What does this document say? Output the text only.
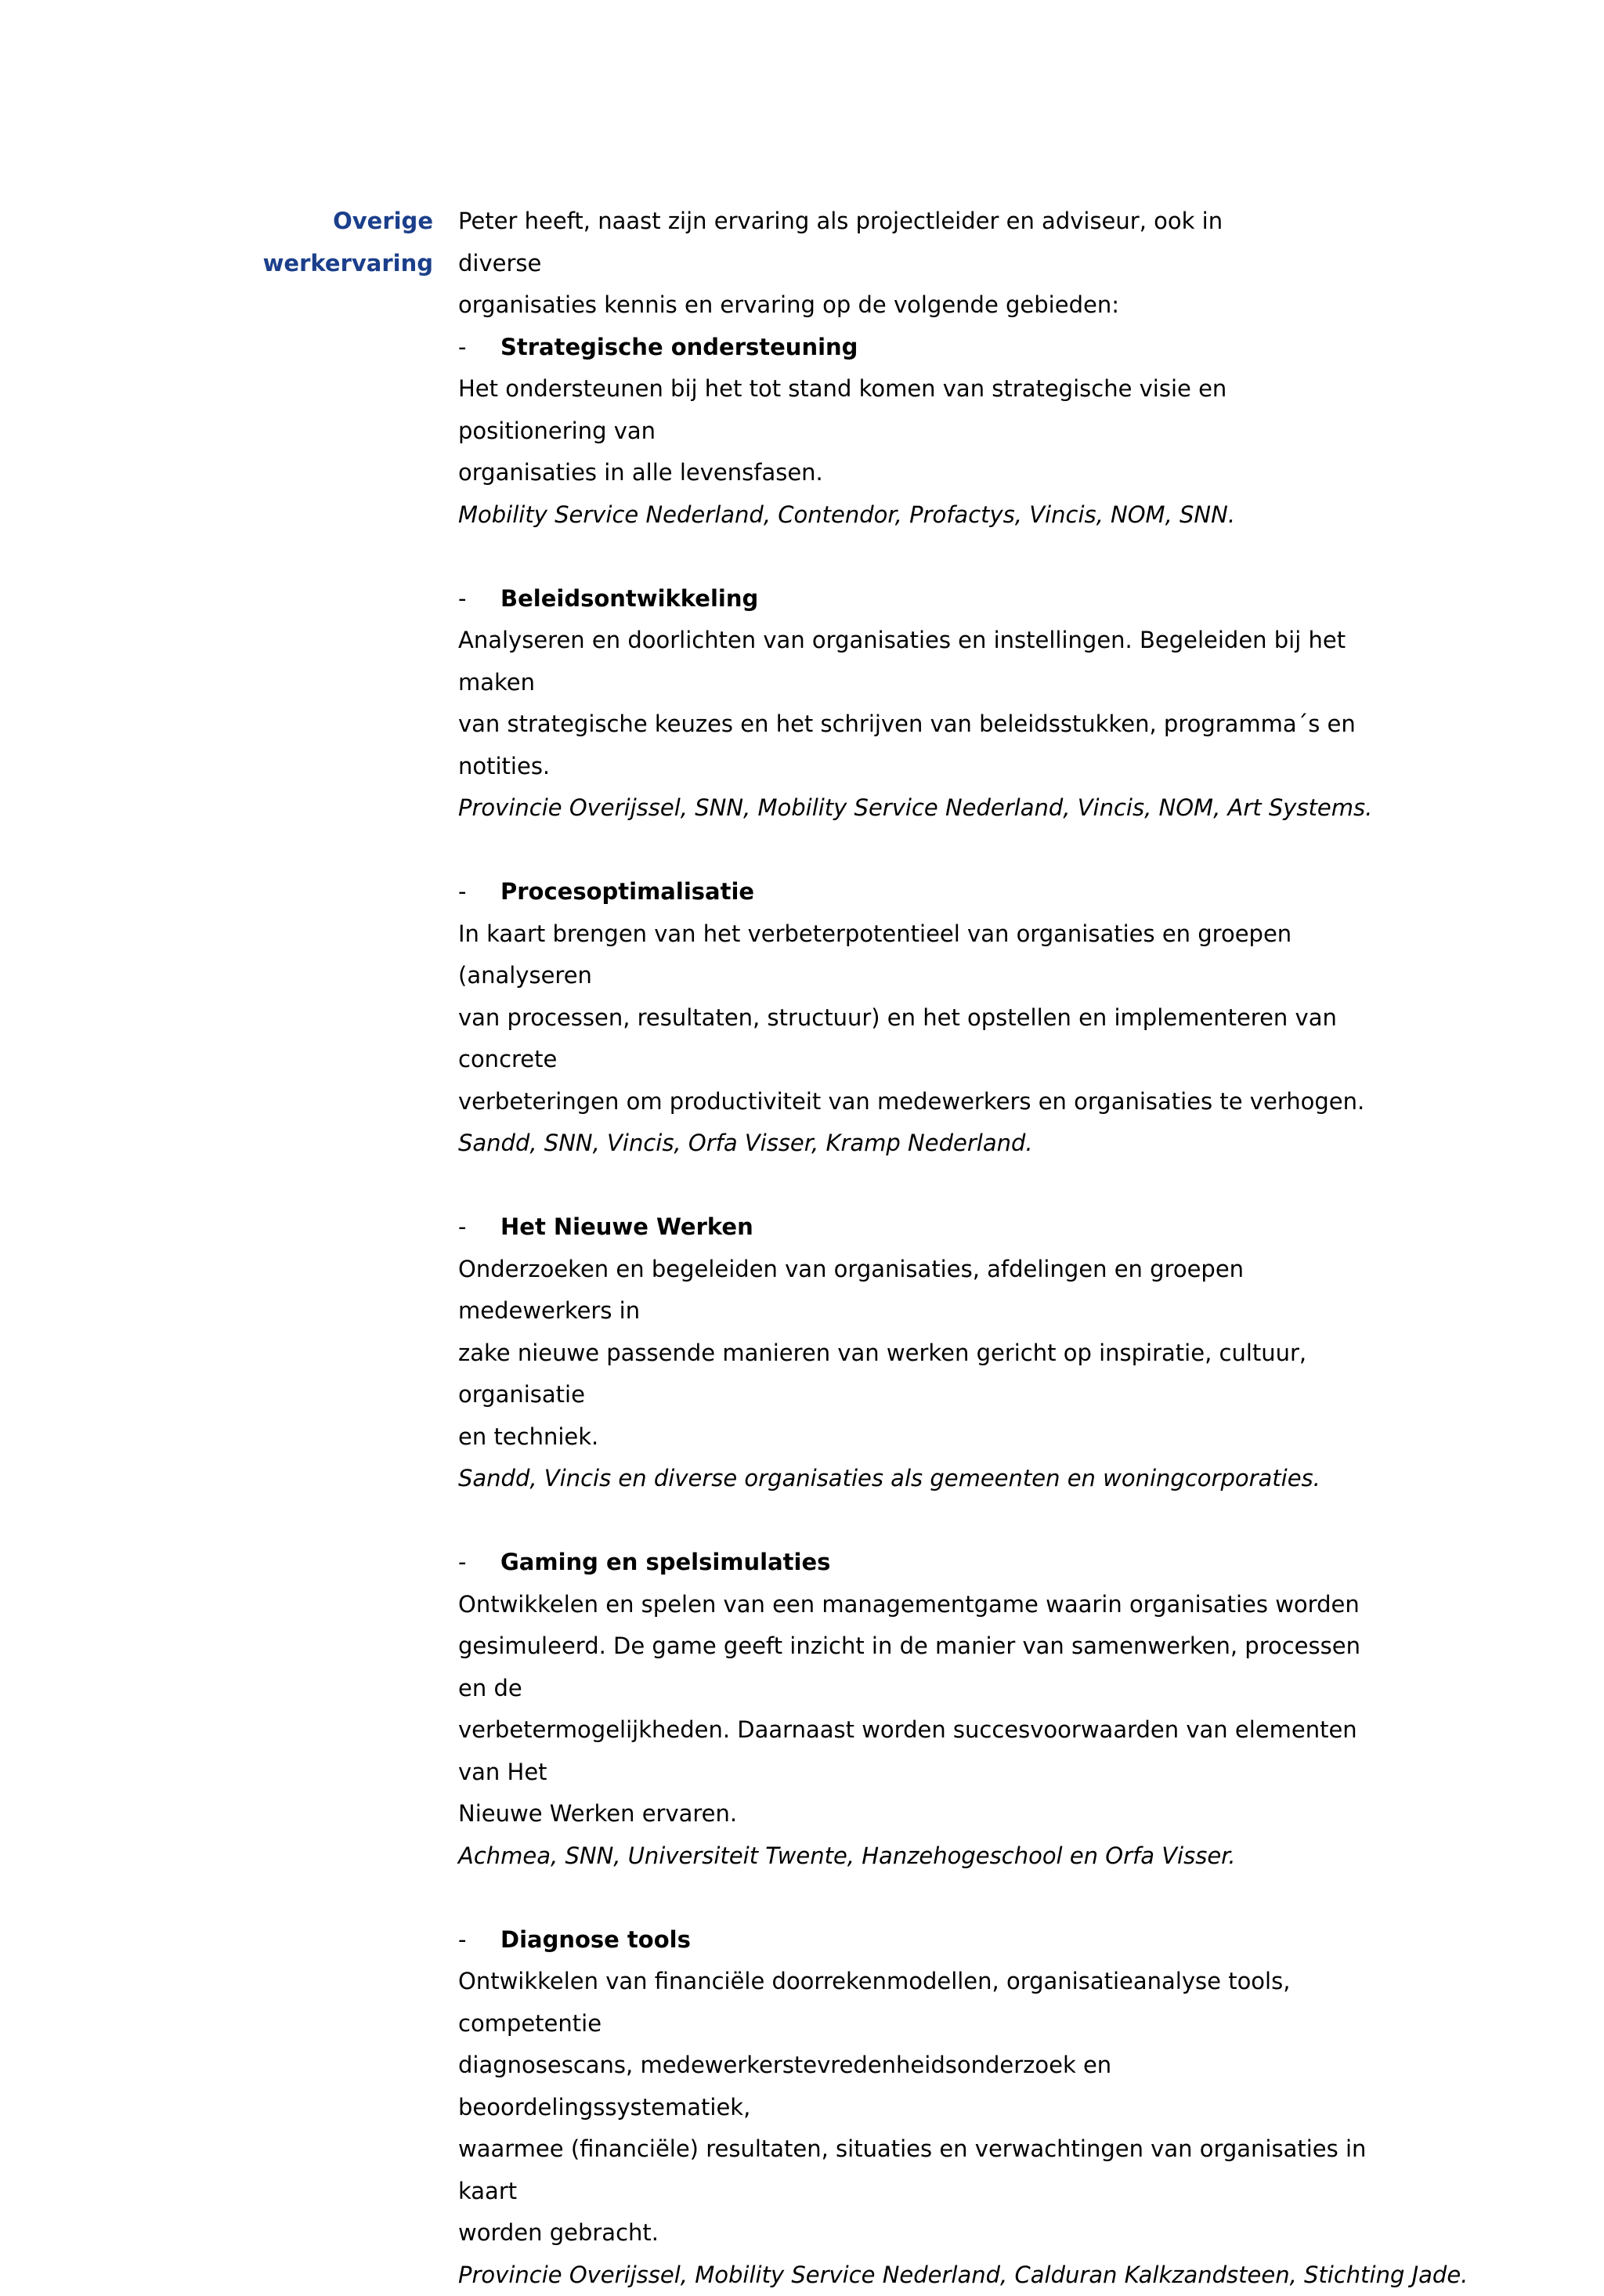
Overige
werkervaring

Peter heeft, naast zijn ervaring als projectleider en adviseur, ook in diverse

organisaties kennis en ervaring op de volgende gebieden:

-	Strategische ondersteuning

Het ondersteunen bij het tot stand komen van strategische visie en positionering van

organisaties in alle levensfasen.

Mobility Service Nederland, Contendor, Profactys, Vincis, NOM, SNN.

-	Beleidsontwikkeling

Analyseren en doorlichten van organisaties en instellingen. Begeleiden bij het maken

van strategische keuzes en het schrijven van beleidsstukken, programma´s en

notities.

Provincie Overijssel, SNN, Mobility Service Nederland, Vincis, NOM, Art Systems.

-	Procesoptimalisatie

In kaart brengen van het verbeterpotentieel van organisaties en groepen (analyseren

van processen, resultaten, structuur) en het opstellen en implementeren van concrete

verbeteringen om productiviteit van medewerkers en organisaties te verhogen.

Sandd, SNN, Vincis, Orfa Visser, Kramp Nederland.

-	Het Nieuwe Werken

Onderzoeken en begeleiden van organisaties, afdelingen en groepen medewerkers in

zake nieuwe passende manieren van werken gericht op inspiratie, cultuur, organisatie

en techniek.

Sandd, Vincis en diverse organisaties als gemeenten en woningcorporaties.

-	Gaming en spelsimulaties

Ontwikkelen en spelen van een managementgame waarin organisaties worden

gesimuleerd. De game geeft inzicht in de manier van samenwerken, processen en de

verbetermogelijkheden. Daarnaast worden succesvoorwaarden van elementen van Het

Nieuwe Werken ervaren.

Achmea, SNN, Universiteit Twente, Hanzehogeschool en Orfa Visser.

-	Diagnose tools

Ontwikkelen van financiële doorrekenmodellen, organisatieanalyse tools, competentie

diagnosescans, medewerkerstevredenheidsonderzoek en beoordelingssystematiek,

waarmee (financiële) resultaten, situaties en verwachtingen van organisaties in kaart

worden gebracht.

Provincie Overijssel, Mobility Service Nederland, Calduran Kalkzandsteen, Stichting Jade.
